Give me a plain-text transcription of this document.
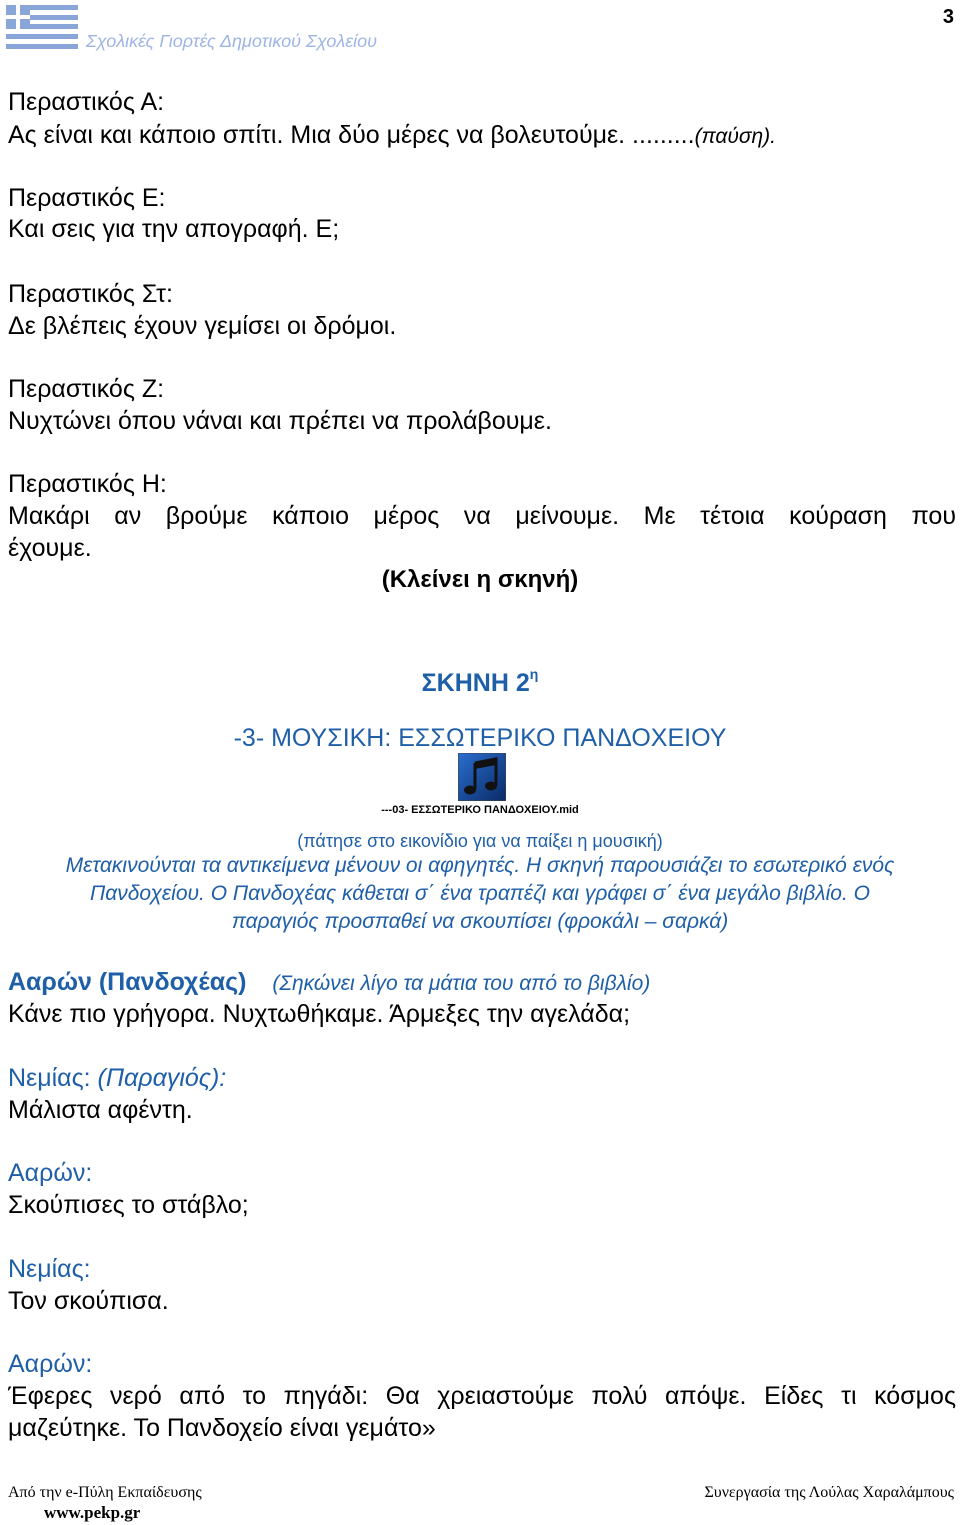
Σχολικές Γιορτές Δημοτικού Σχολείου
3
Περαστικός Α:
Ας είναι και κάποιο σπίτι. Μια δύο μέρες να βολευτούμε. .........(παύση).
Περαστικός Ε:
Και σεις για την απογραφή. Ε;
Περαστικός Στ:
Δε βλέπεις έχουν γεμίσει οι δρόμοι.
Περαστικός Ζ:
Νυχτώνει όπου νάναι και πρέπει να προλάβουμε.
Περαστικός Η:
Μακάρι αν βρούμε κάποιο μέρος να μείνουμε. Με τέτοια κούραση που
έχουμε.
(Κλείνει η σκηνή)
ΣΚΗΝΗ $2^\eta$
-3- ΜΟΥΣΙΚΗ: ΕΣΣΩΤΕΡΙΚΟ ΠΑΝΔΟΧΕΙΟΥ
---03- ΕΣΣΩΤΕΡΙΚΟ ΠΑΝΔΟΧΕΙΟΥ.mid
(πάτησε στο εικονίδιο για να παίξει η μουσική)
Μετακινούνται τα αντικείμενα μένουν οι αφηγητές. Η σκηνή παρουσιάζει το εσωτερικό ενός
Πανδοχείου. Ο Πανδοχέας κάθεται σ΄ ένα τραπέζι και γράφει σ΄ ένα μεγάλο βιβλίο. Ο
παραγιός προσπαθεί να σκουπίσει (φροκάλι – σαρκά)
Ααρών (Πανδοχέας) (Σηκώνει λίγο τα μάτια του από το βιβλίο)
Κάνε πιο γρήγορα. Νυχτωθήκαμε. Άρμεξες την αγελάδα;
Νεμίας: (Παραγιός):
Μάλιστα αφέντη.
Ααρών:
Σκούπισες το στάβλο;
Νεμίας:
Τον σκούπισα.
Ααρών:
Έφερες νερό από το πηγάδι: Θα χρειαστούμε πολύ απόψε. Είδες τι κόσμος
μαζεύτηκε. Το Πανδοχείο είναι γεμάτο»
Από την e-Πύλη Εκπαίδευσης
www.pekp.gr
Συνεργασία της Λούλας Χαραλάμπους
